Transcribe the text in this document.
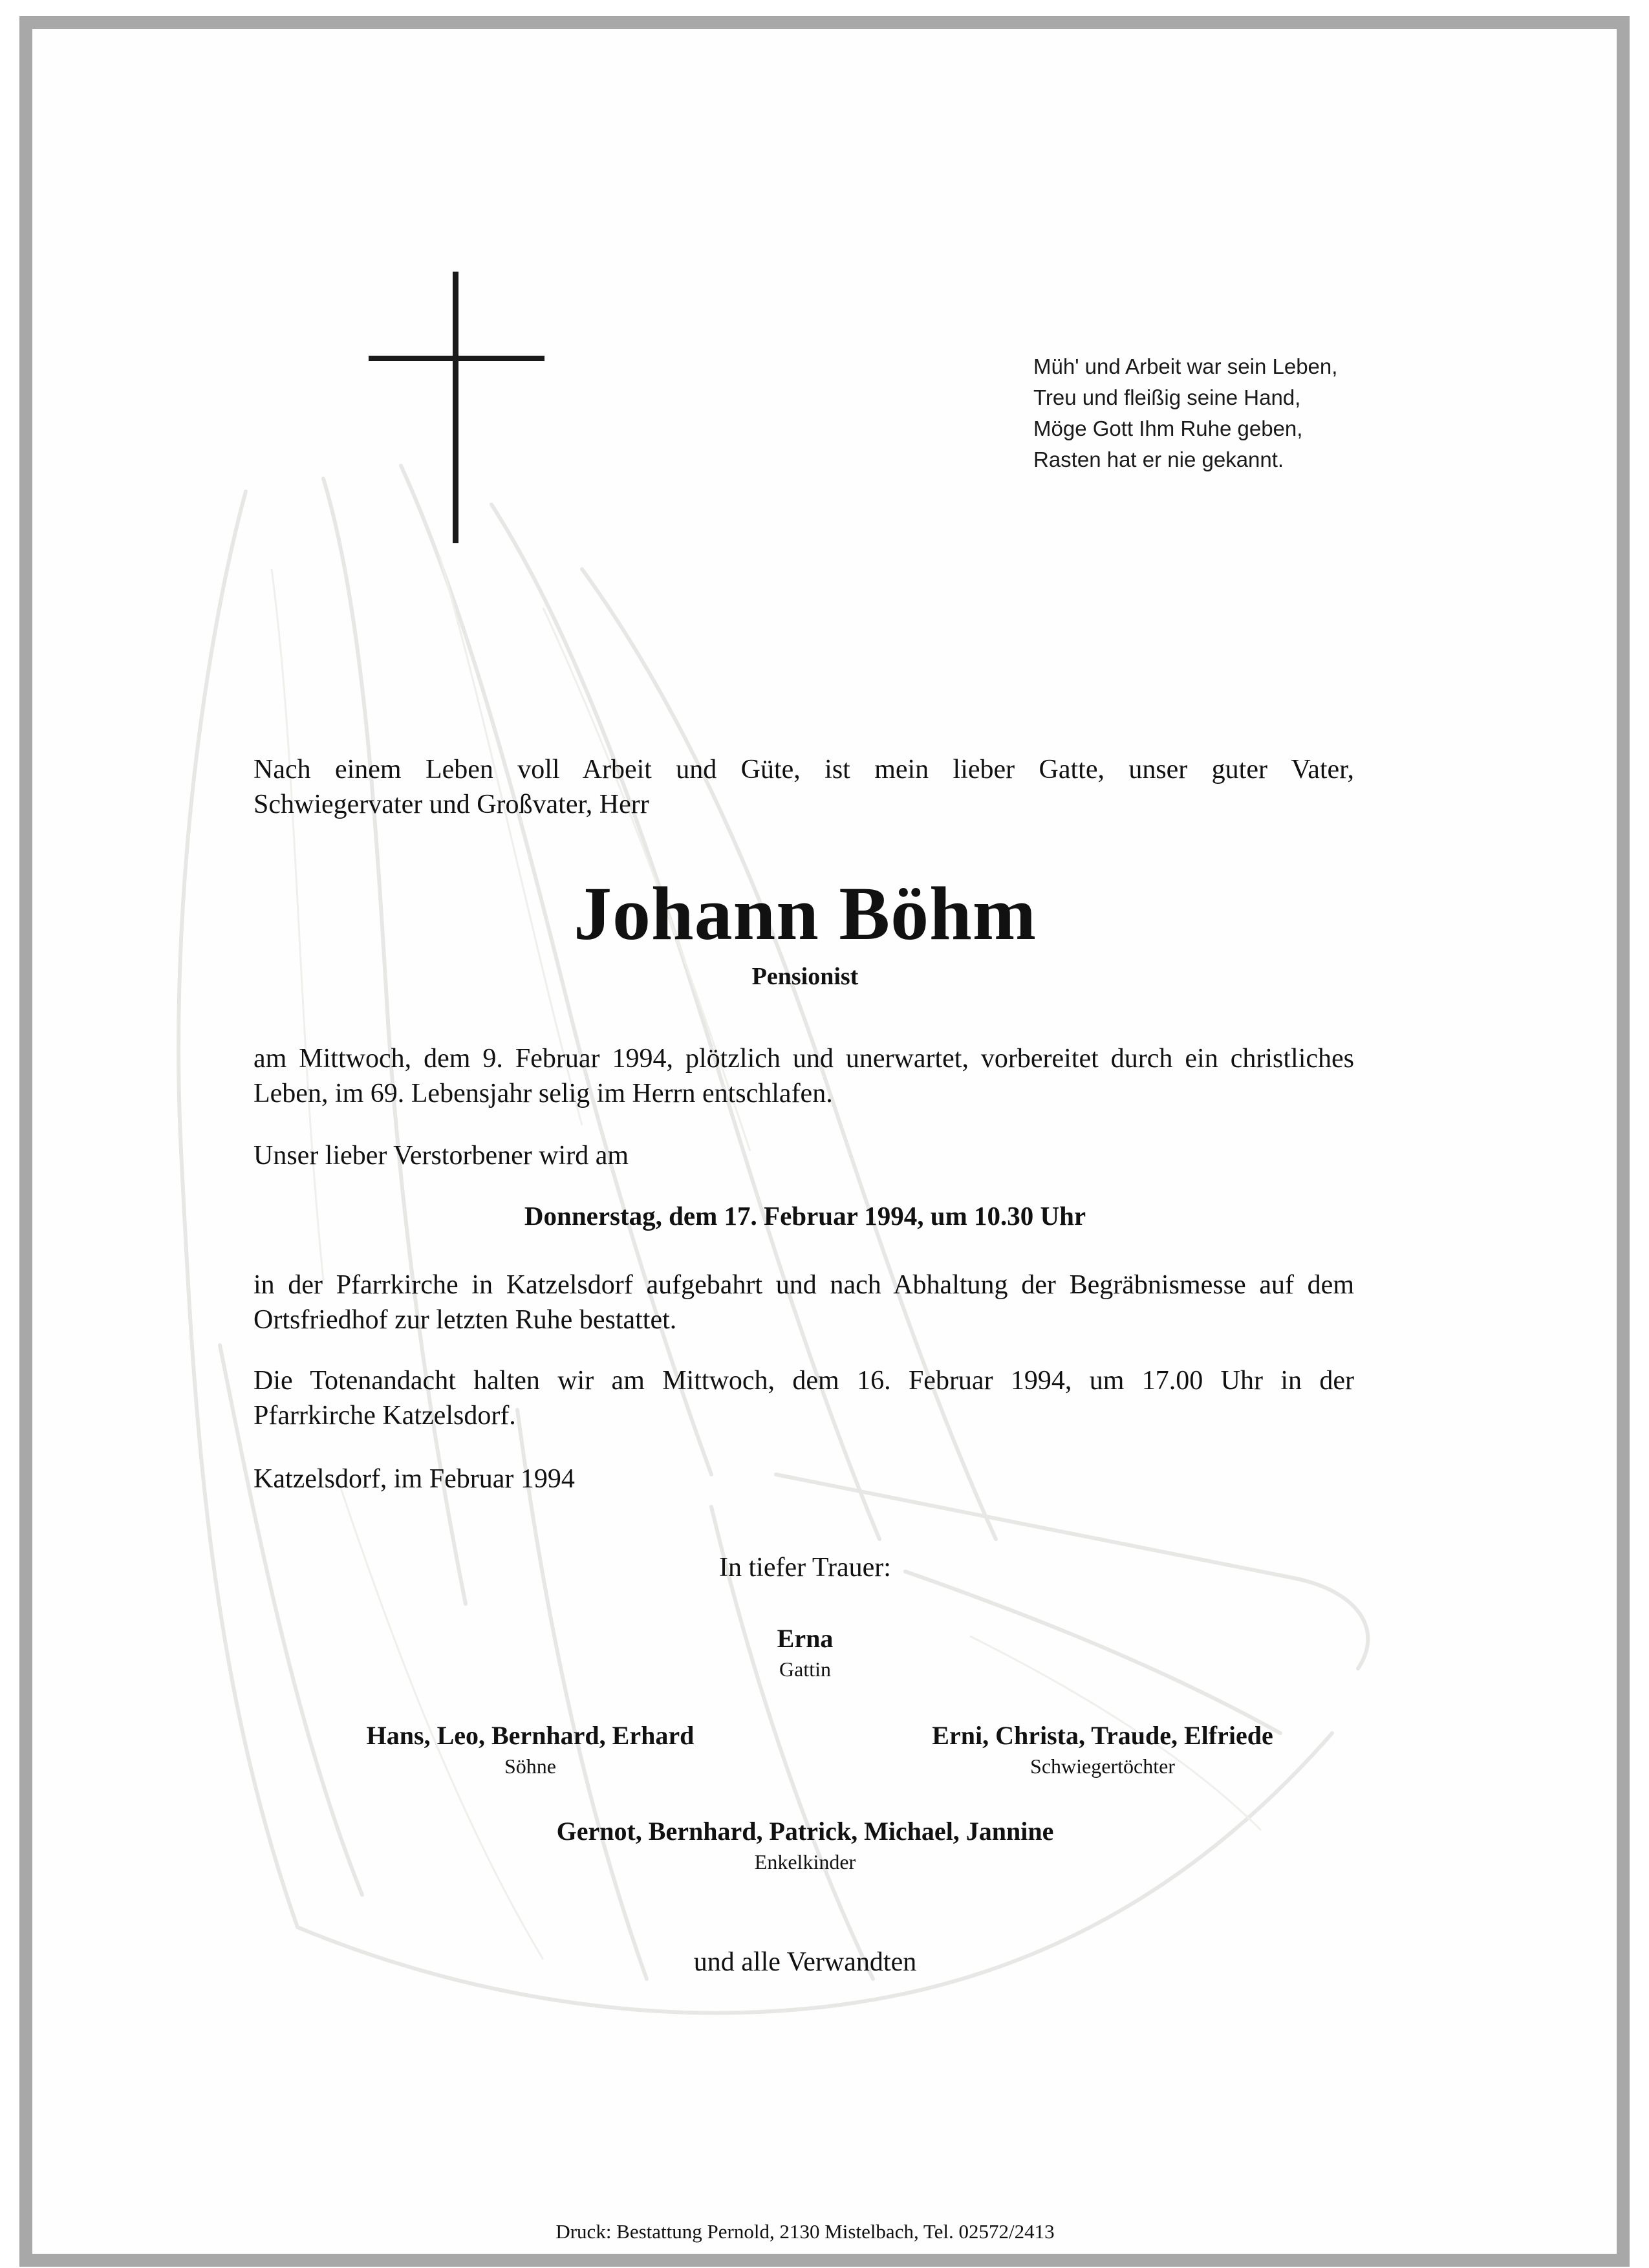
Müh' und Arbeit war sein Leben,
Treu und fleißig seine Hand,
Möge Gott Ihm Ruhe geben,
Rasten hat er nie gekannt.
Nach einem Leben voll Arbeit und Güte, ist mein lieber Gatte, unser guter Vater,
Schwiegervater und Großvater, Herr
Johann Böhm
Pensionist
am Mittwoch, dem 9. Februar 1994, plötzlich und unerwartet, vorbereitet durch ein christliches
Leben, im 69. Lebensjahr selig im Herrn entschlafen.
Unser lieber Verstorbener wird am
Donnerstag, dem 17. Februar 1994, um 10.30 Uhr
in der Pfarrkirche in Katzelsdorf aufgebahrt und nach Abhaltung der Begräbnismesse auf dem
Ortsfriedhof zur letzten Ruhe bestattet.
Die Totenandacht halten wir am Mittwoch, dem 16. Februar 1994, um 17.00 Uhr in der
Pfarrkirche Katzelsdorf.
Katzelsdorf, im Februar 1994
In tiefer Trauer:
Erna
Gattin
Hans, Leo, Bernhard, Erhard
Söhne
Erni, Christa, Traude, Elfriede
Schwiegertöchter
Gernot, Bernhard, Patrick, Michael, Jannine
Enkelkinder
und alle Verwandten
Druck: Bestattung Pernold, 2130 Mistelbach, Tel. 02572/2413
